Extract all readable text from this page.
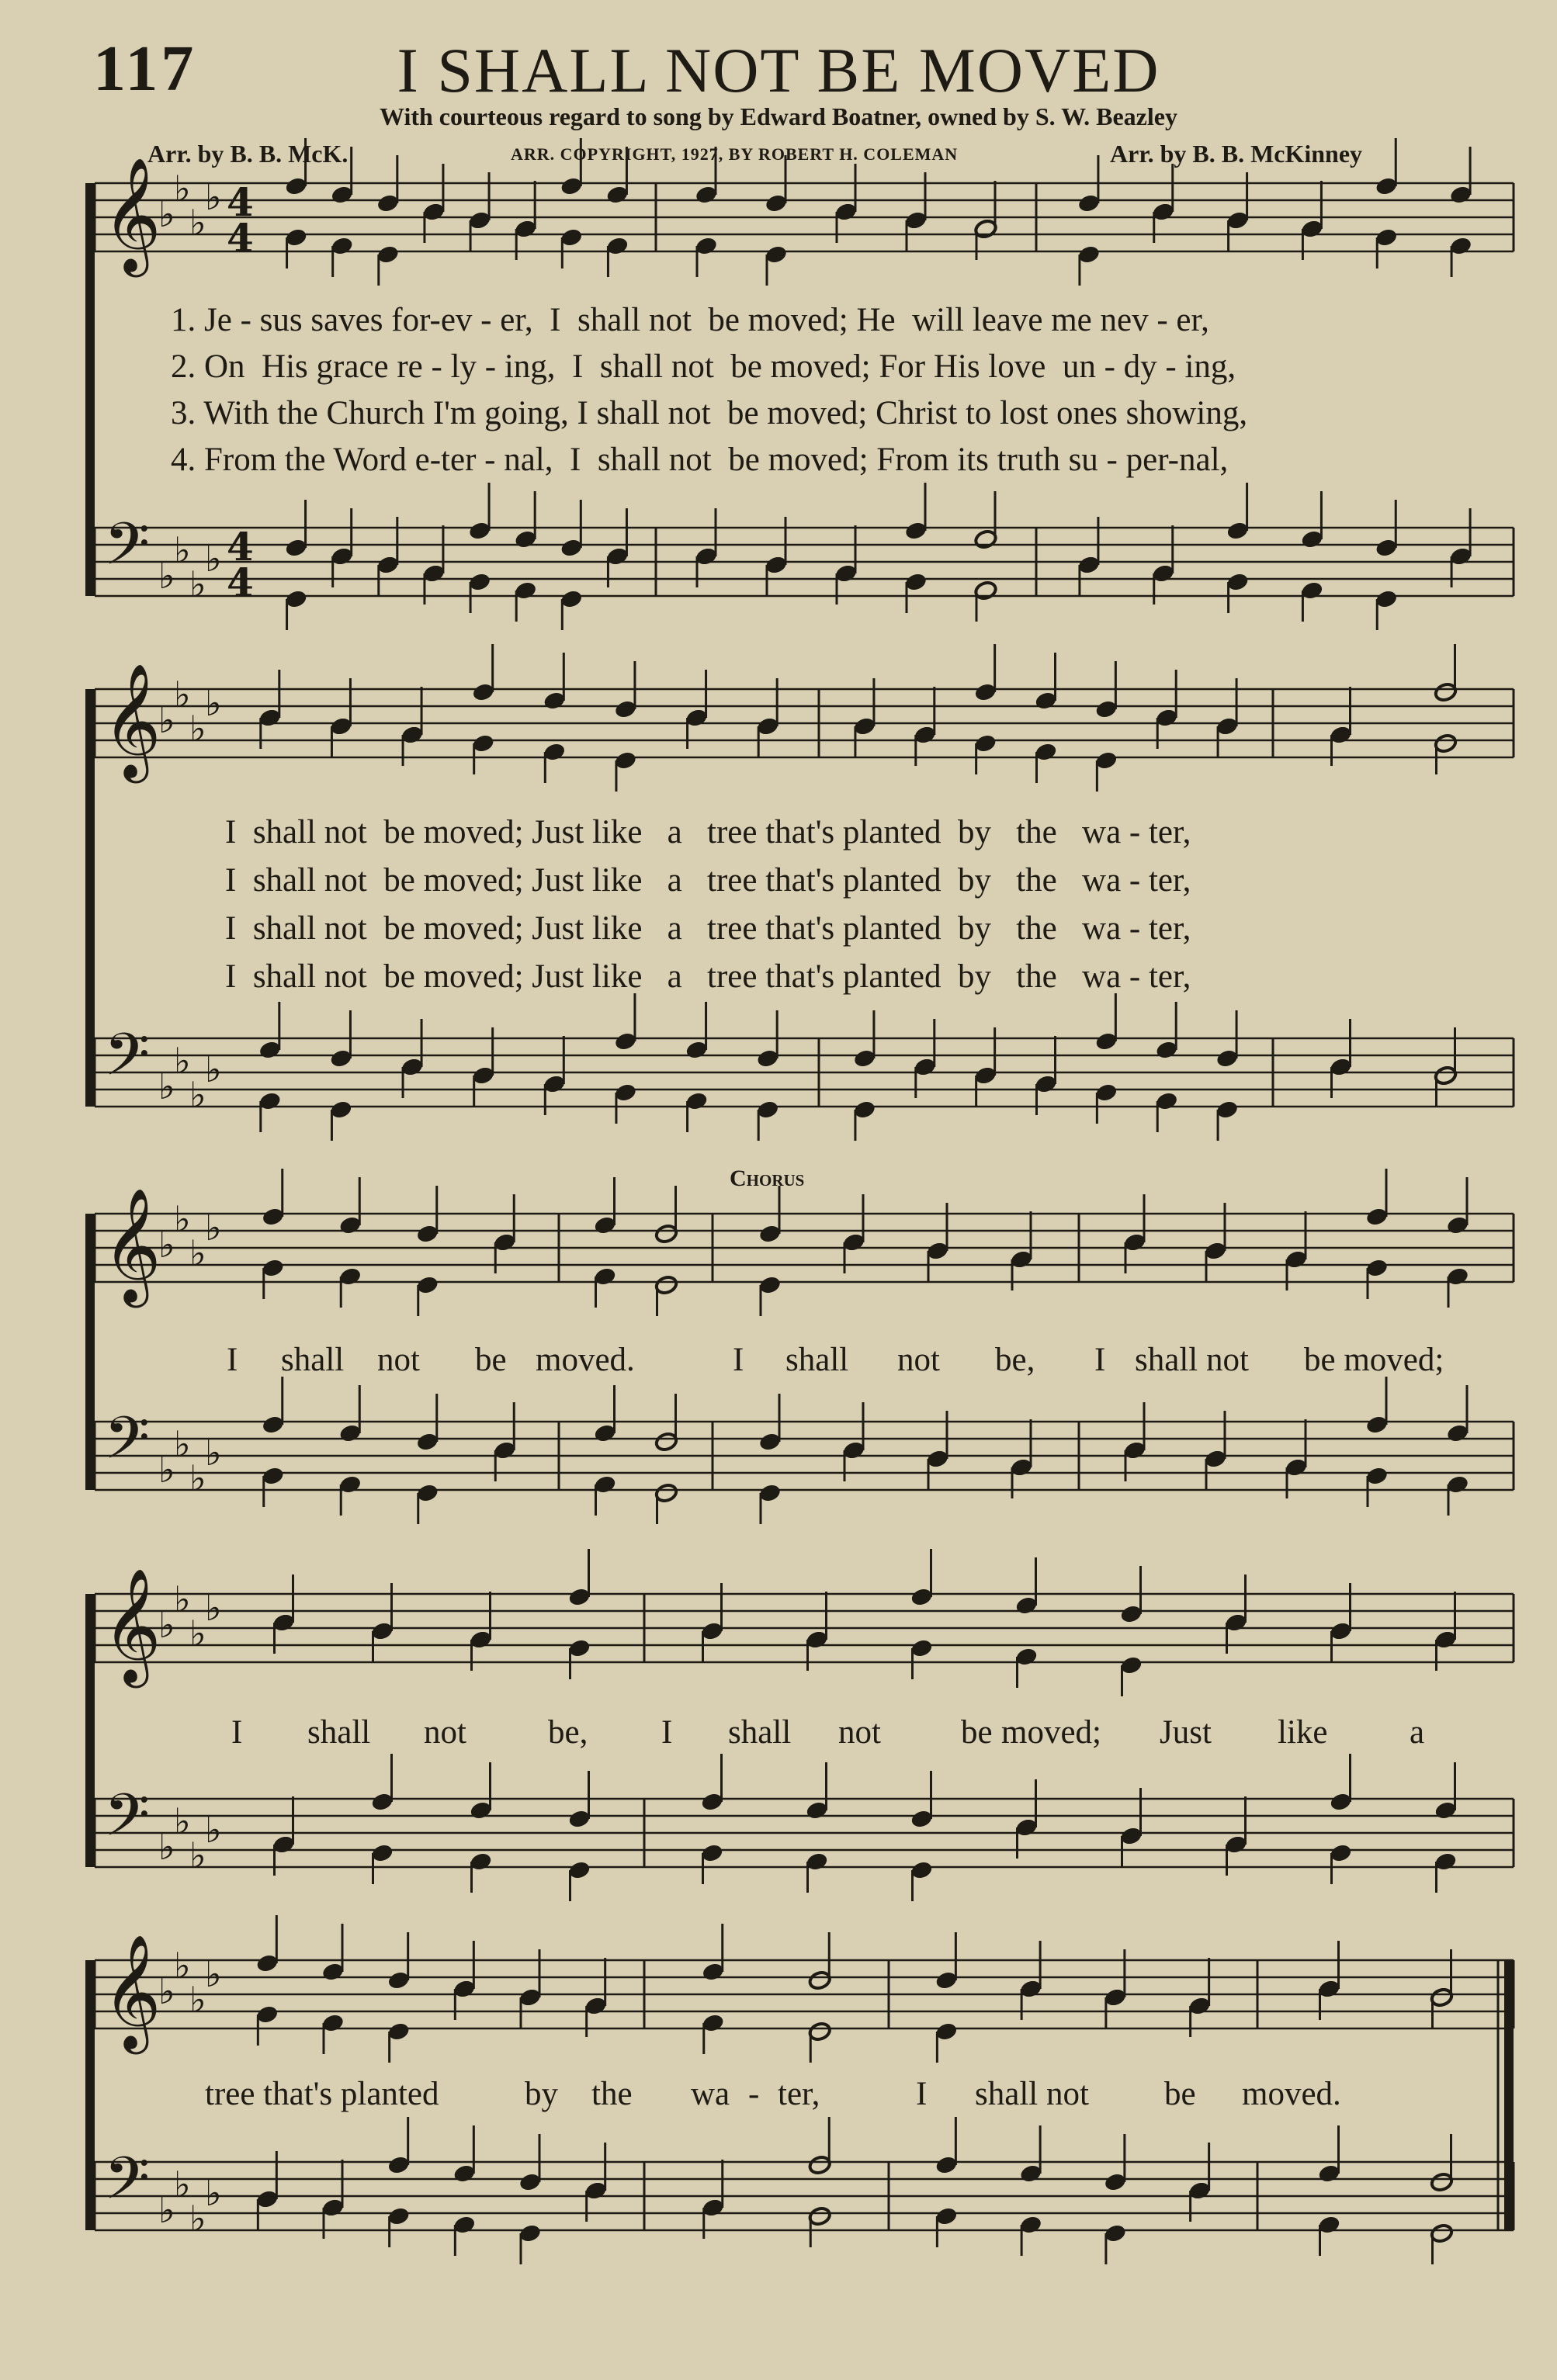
117	I SHALL NOT BE MOVED
With courteous regard to song by Edward Boatner, owned by S. W. Beazley
Arr. by B. B. McK.	ARR. COPYRIGHT, 1927, BY ROBERT H. COLEMAN	Arr. by B. B. McKinney
𝄞
𝄢
♭
♭
♭
♭
♭
♭
♭
♭
4
4
4
4
𝄞
𝄢
♭
♭
♭
♭
♭
♭
♭
♭
𝄞
𝄢
♭
♭
♭
♭
♭
♭
♭
♭
𝄞
𝄢
♭
♭
♭
♭
♭
♭
♭
♭
𝄞
𝄢
♭
♭
♭
♭
♭
♭
♭
♭
1. Je - sus saves for-ev - er,  I  shall not  be moved; He  will leave me nev - er,
2. On  His grace re - ly - ing,  I  shall not  be moved; For His love  un - dy - ing,
3. With the Church I'm going, I shall not  be moved; Christ to lost ones showing,
4. From the Word e-ter - nal,  I  shall not  be moved; From its truth su - per-nal,
I  shall not  be moved; Just like   a   tree that's planted  by   the   wa - ter,
I  shall not  be moved; Just like   a   tree that's planted  by   the   wa - ter,
I  shall not  be moved; Just like   a   tree that's planted  by   the   wa - ter,
I  shall not  be moved; Just like   a   tree that's planted  by   the   wa - ter,
Chorus
I shall not be moved.	I shall not be, I shall not be moved;
I shall not be, I shall not be moved; Just like a
tree that's planted	by the wa - ter,	I shall not be moved.
